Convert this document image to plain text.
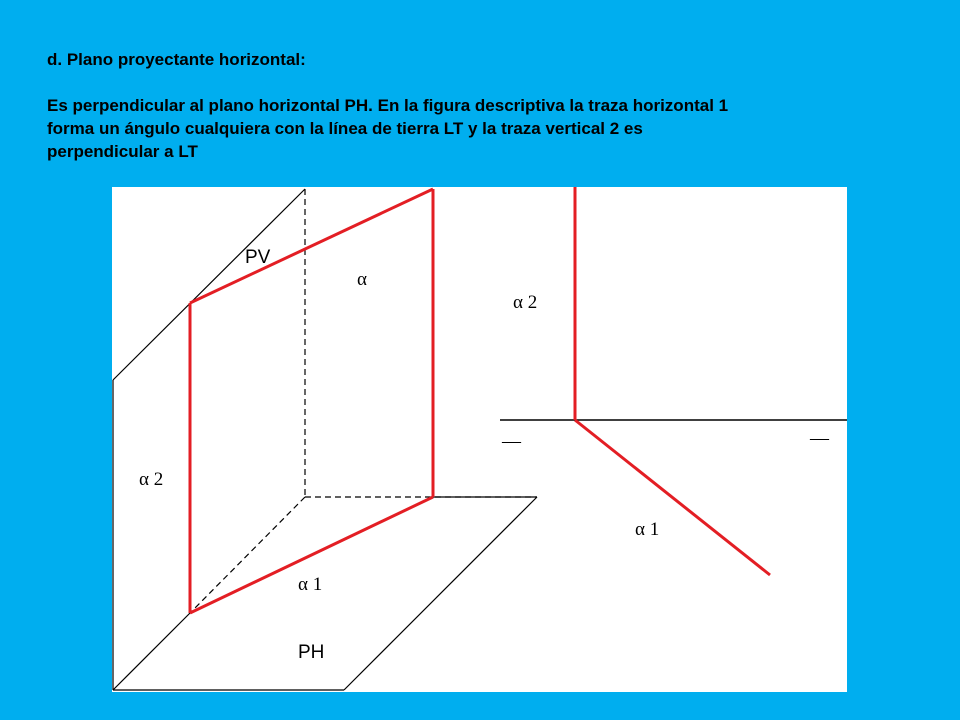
d. Plano proyectante horizontal:

Es perpendicular al plano horizontal PH. En la figura descriptiva la traza horizontal 1

forma un ángulo cualquiera con la línea de tierra LT y la traza vertical 2 es

perpendicular a LT

PV
α
α 2
α 1
PH
—	—
α 2
α 1
